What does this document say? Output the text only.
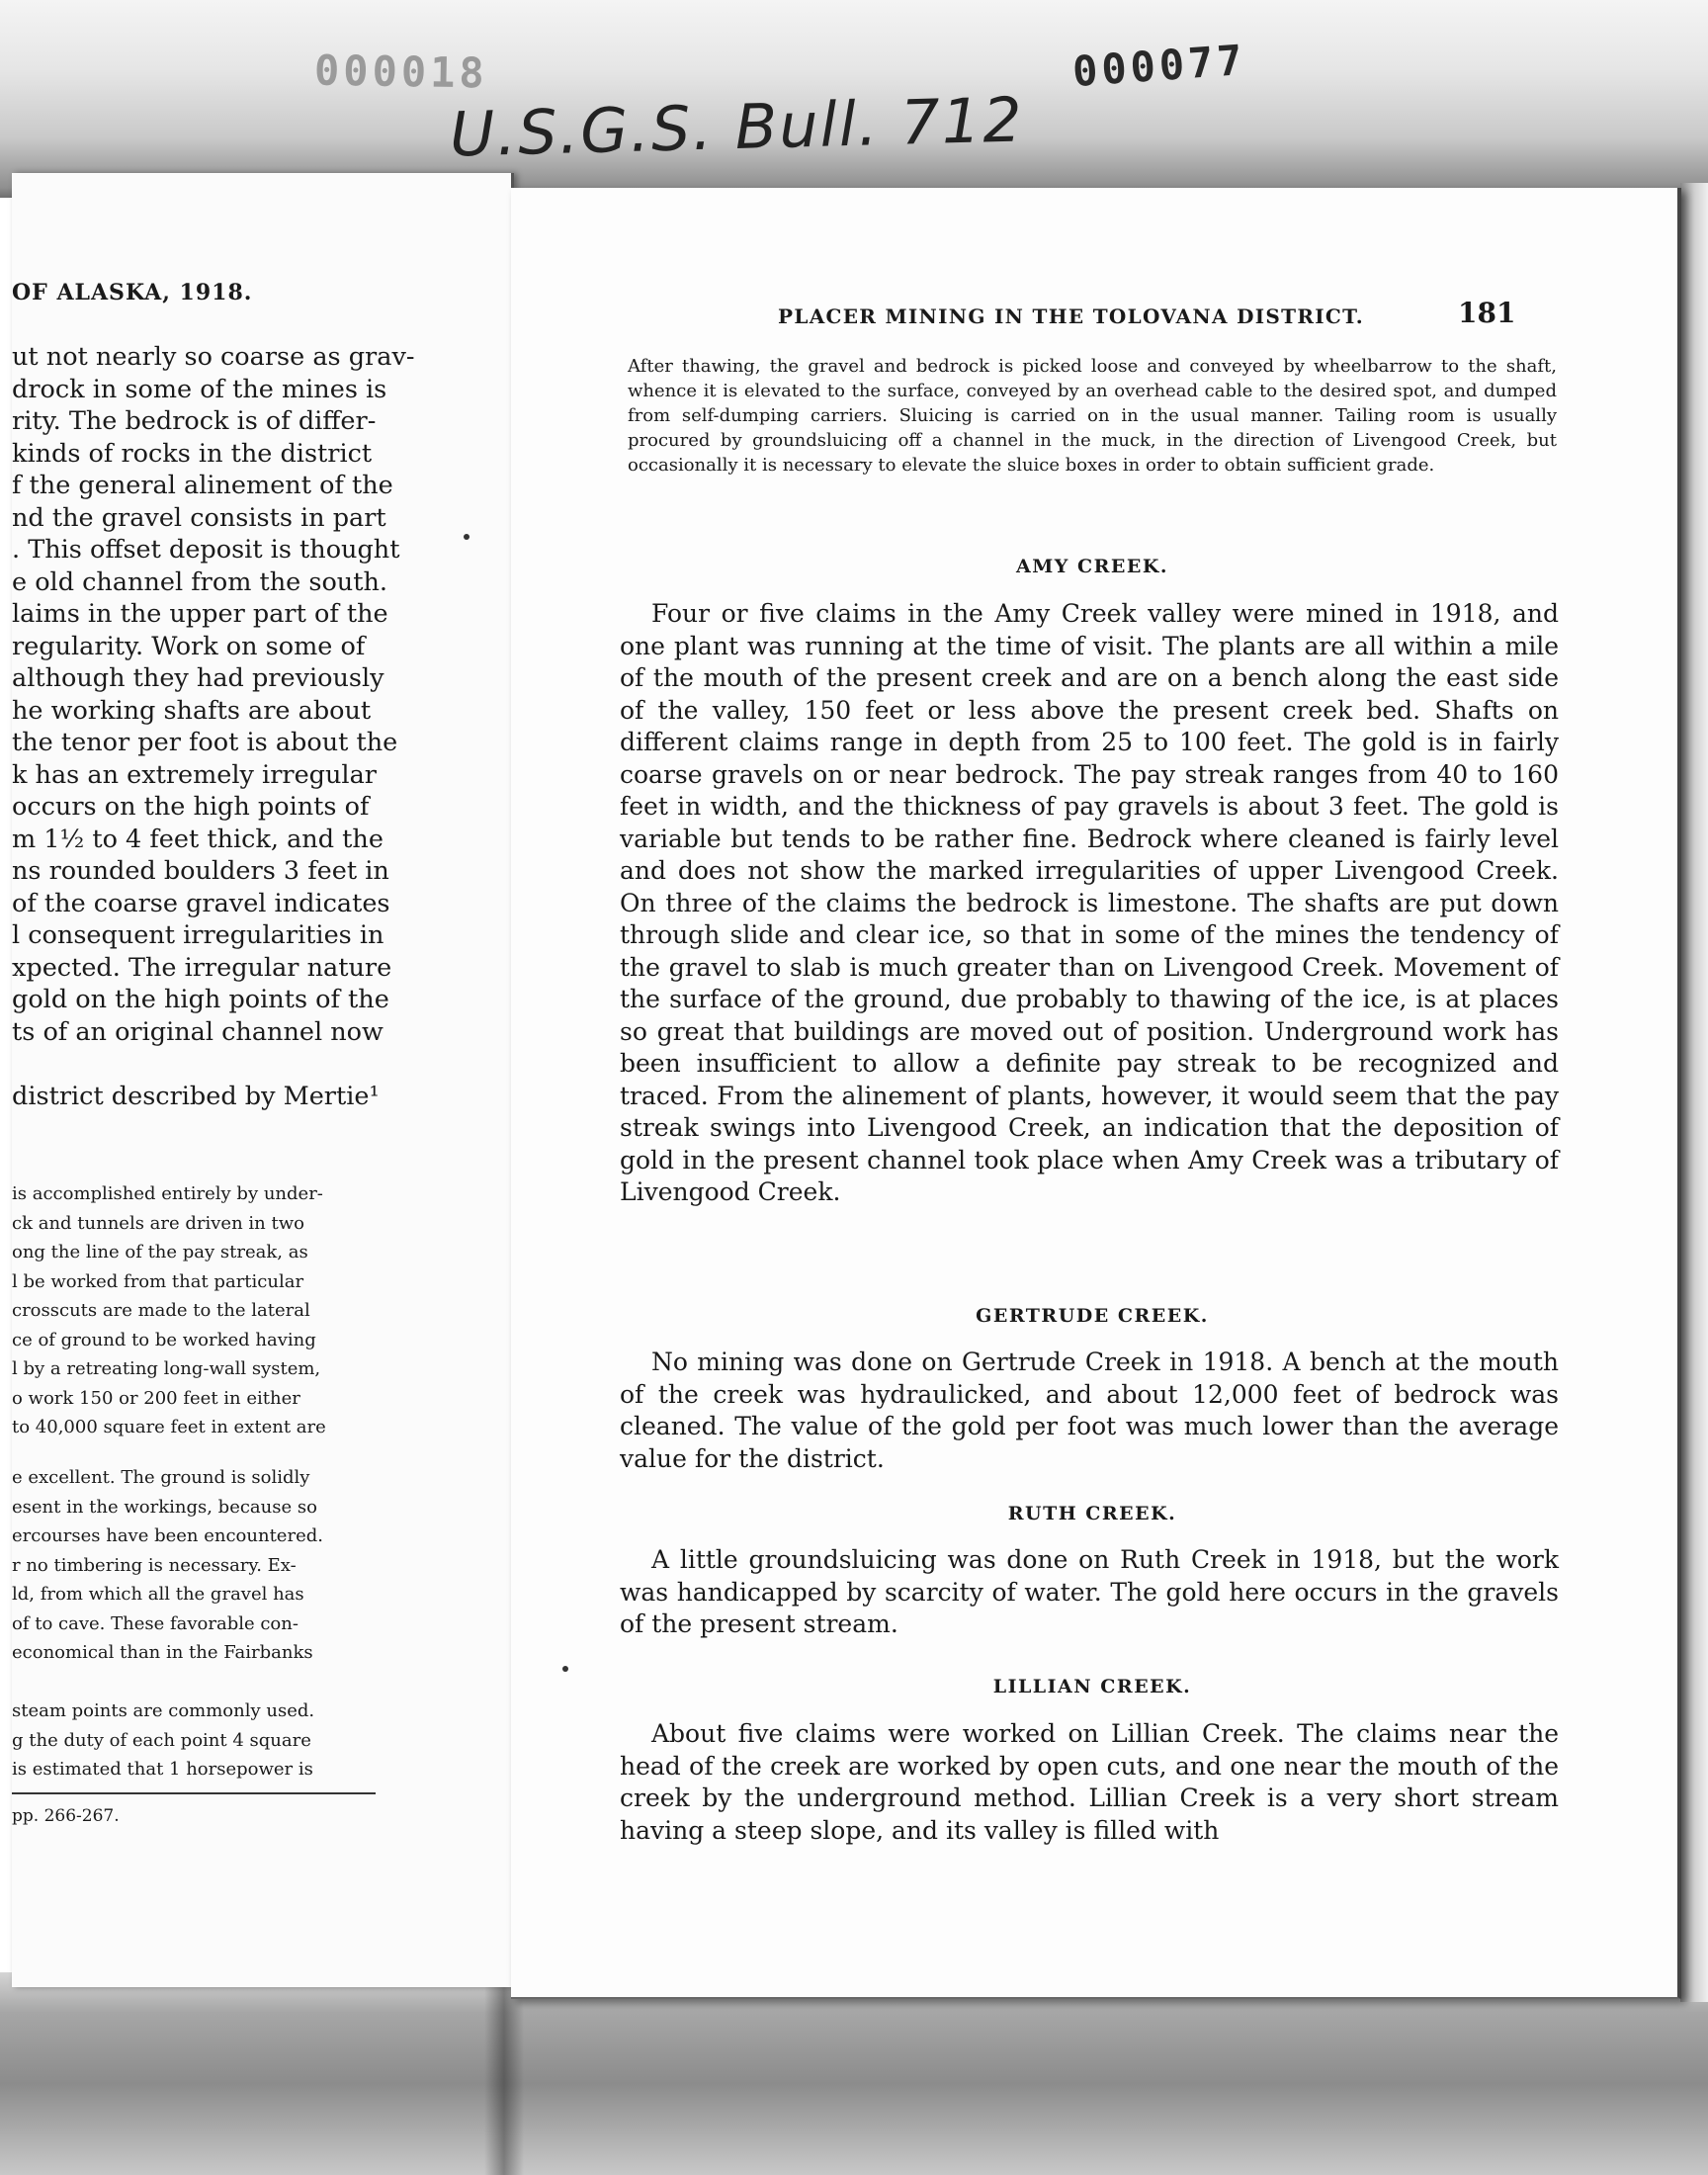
000018	000077
U.S.G.S. Bull. 712
OF ALASKA, 1918.
ut not nearly so coarse as grav-
drock in some of the mines is
rity. The bedrock is of differ-
kinds of rocks in the district
f the general alinement of the
nd the gravel consists in part
. This offset deposit is thought
e old channel from the south.
laims in the upper part of the
regularity. Work on some of
although they had previously
he working shafts are about
the tenor per foot is about the
k has an extremely irregular
occurs on the high points of
m 1½ to 4 feet thick, and the
ns rounded boulders 3 feet in
of the coarse gravel indicates
l consequent irregularities in
xpected. The irregular nature
gold on the high points of the
ts of an original channel now

district described by Mertie¹
is accomplished entirely by under-
ck and tunnels are driven in two
ong the line of the pay streak, as
l be worked from that particular
crosscuts are made to the lateral
ce of ground to be worked having
l by a retreating long-wall system,
o work 150 or 200 feet in either
to 40,000 square feet in extent are
e excellent. The ground is solidly
esent in the workings, because so
ercourses have been encountered.
r no timbering is necessary. Ex-
ld, from which all the gravel has
of to cave. These favorable con-
economical than in the Fairbanks

steam points are commonly used.
g the duty of each point 4 square
is estimated that 1 horsepower is
pp. 266-267.
PLACER MINING IN THE TOLOVANA DISTRICT.	181
After thawing, the gravel and bedrock is picked loose and conveyed by wheelbarrow to the shaft, whence it is elevated to the surface, conveyed by an overhead cable to the desired spot, and dumped from self-dumping carriers. Sluicing is carried on in the usual manner. Tailing room is usually procured by groundsluicing off a channel in the muck, in the direction of Livengood Creek, but occasionally it is necessary to elevate the sluice boxes in order to obtain sufficient grade.
AMY CREEK.
Four or five claims in the Amy Creek valley were mined in 1918, and one plant was running at the time of visit. The plants are all within a mile of the mouth of the present creek and are on a bench along the east side of the valley, 150 feet or less above the present creek bed. Shafts on different claims range in depth from 25 to 100 feet. The gold is in fairly coarse gravels on or near bedrock. The pay streak ranges from 40 to 160 feet in width, and the thickness of pay gravels is about 3 feet. The gold is variable but tends to be rather fine. Bedrock where cleaned is fairly level and does not show the marked irregularities of upper Livengood Creek. On three of the claims the bedrock is limestone. The shafts are put down through slide and clear ice, so that in some of the mines the tendency of the gravel to slab is much greater than on Livengood Creek. Movement of the surface of the ground, due probably to thawing of the ice, is at places so great that buildings are moved out of position. Underground work has been insufficient to allow a definite pay streak to be recognized and traced. From the alinement of plants, however, it would seem that the pay streak swings into Livengood Creek, an indication that the deposition of gold in the present channel took place when Amy Creek was a tributary of Livengood Creek.
GERTRUDE CREEK.
No mining was done on Gertrude Creek in 1918. A bench at the mouth of the creek was hydraulicked, and about 12,000 feet of bedrock was cleaned. The value of the gold per foot was much lower than the average value for the district.
RUTH CREEK.
A little groundsluicing was done on Ruth Creek in 1918, but the work was handicapped by scarcity of water. The gold here occurs in the gravels of the present stream.
LILLIAN CREEK.
About five claims were worked on Lillian Creek. The claims near the head of the creek are worked by open cuts, and one near the mouth of the creek by the underground method. Lillian Creek is a very short stream having a steep slope, and its valley is filled with
